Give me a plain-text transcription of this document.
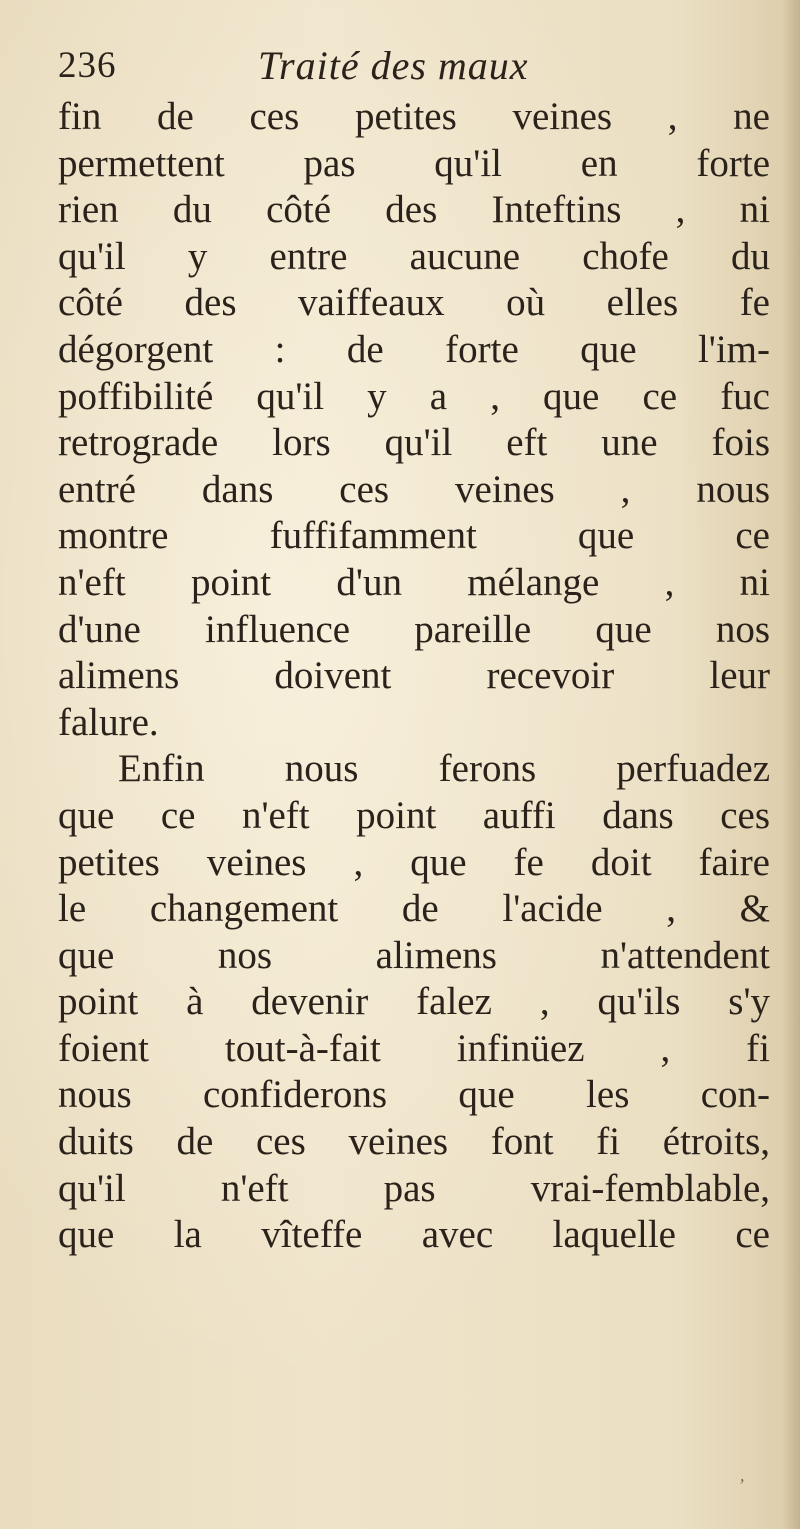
236	Traité des maux
fin de ces petites veines , ne
permettent pas qu'il en forte
rien du côté des Inteftins , ni
qu'il y entre aucune chofe du
côté des vaiffeaux où elles fe
dégorgent : de forte que l'im-
poffibilité qu'il y a , que ce fuc
retrograde lors qu'il eft une fois
entré dans ces veines , nous
montre fuffifamment que ce
n'eft point d'un mélange , ni
d'une influence pareille que nos
alimens doivent recevoir leur
falure.
Enfin nous ferons perfuadez
que ce n'eft point auffi dans ces
petites veines , que fe doit faire
le changement de l'acide , &
que nos alimens n'attendent
point à devenir falez , qu'ils s'y
foient tout-à-fait infinüez , fi
nous confiderons que les con-
duits de ces veines font fi étroits,
qu'il n'eft pas vrai-femblable,
que la vîteffe avec laquelle ce
,
